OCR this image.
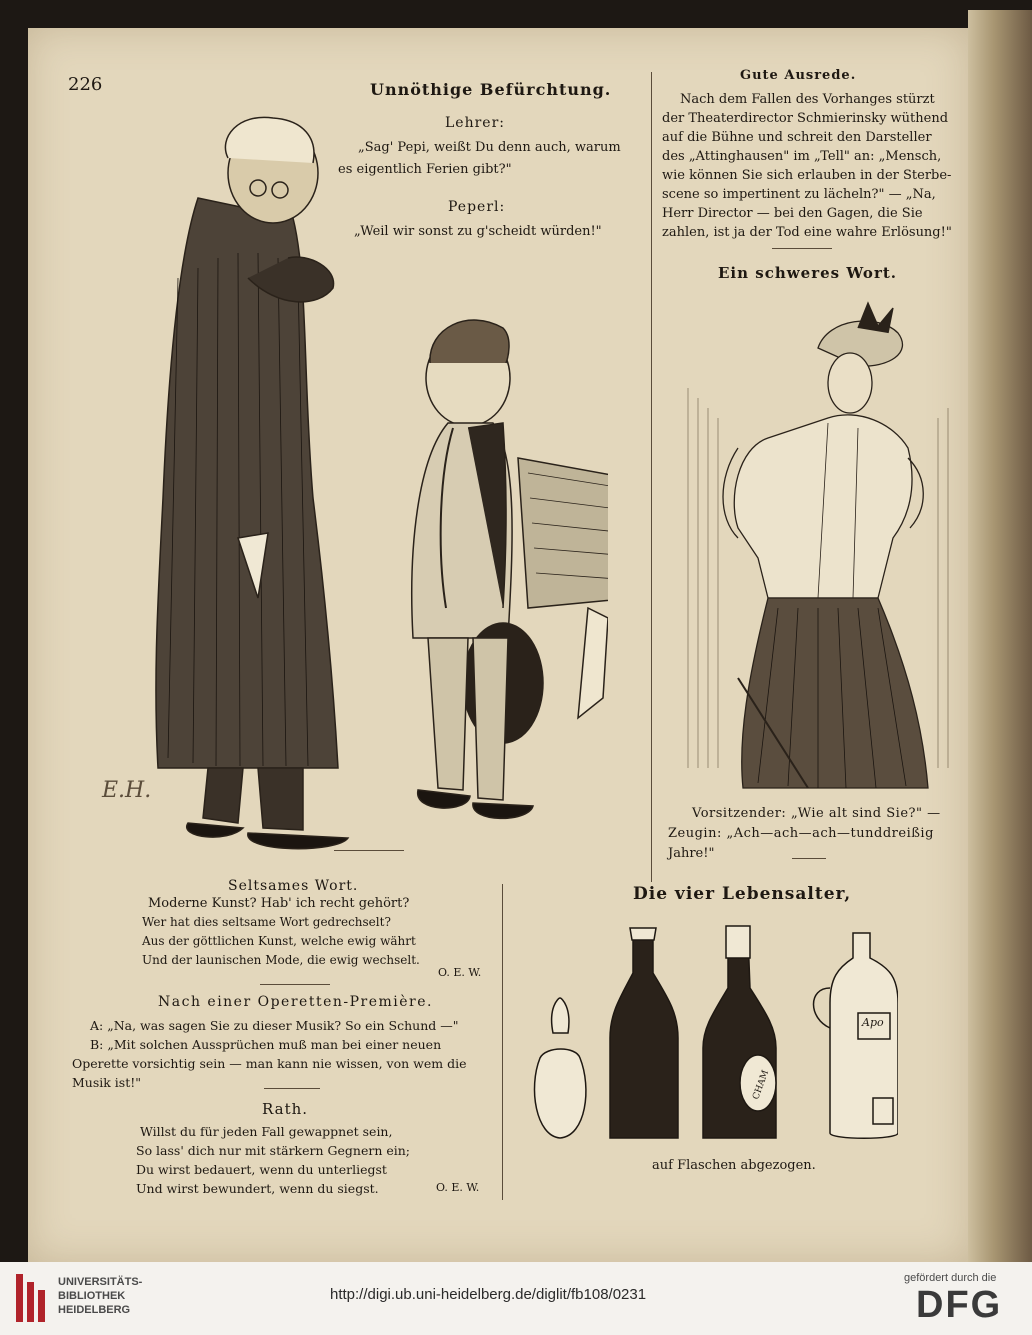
226	Unnöthige Befürchtung.
Lehrer:
„Sag' Pepi, weißt Du denn auch, warum
es eigentlich Ferien gibt?"
Peperl:
„Weil wir sonst zu g'scheidt würden!"
E.H.
Gute Ausrede.
Nach dem Fallen des Vorhanges stürzt
der Theaterdirector Schmierinsky wüthend
auf die Bühne und schreit den Darsteller
des „Attinghausen" im „Tell" an: „Mensch,
wie können Sie sich erlauben in der Sterbe-
scene so impertinent zu lächeln?" — „Na,
Herr Director — bei den Gagen, die Sie
zahlen, ist ja der Tod eine wahre Erlösung!"
Ein schweres Wort.
Vorsitzender: „Wie alt sind Sie?" —
Zeugin: „Ach—ach—ach—tunddreißig
Jahre!"
Seltsames Wort.
Moderne Kunst? Hab' ich recht gehört?
Wer hat dies seltsame Wort gedrechselt?
Aus der göttlichen Kunst, welche ewig währt
Und der launischen Mode, die ewig wechselt.
O. E. W.
Nach einer Operetten-Première.
A: „Na, was sagen Sie zu dieser Musik? So ein Schund —"
B: „Mit solchen Aussprüchen muß man bei einer neuen
Operette vorsichtig sein — man kann nie wissen, von wem die
Musik ist!"
Rath.
Willst du für jeden Fall gewappnet sein,
So lass' dich nur mit stärkern Gegnern ein;
Du wirst bedauert, wenn du unterliegst
Und wirst bewundert, wenn du siegst.	O. E. W.
Die vier Lebensalter,
CHAM
Apo
auf Flaschen abgezogen.
UNIVERSITÄTS-
BIBLIOTHEK
HEIDELBERG
http://digi.ub.uni-heidelberg.de/diglit/fb108/0231
gefördert durch die
DFG
